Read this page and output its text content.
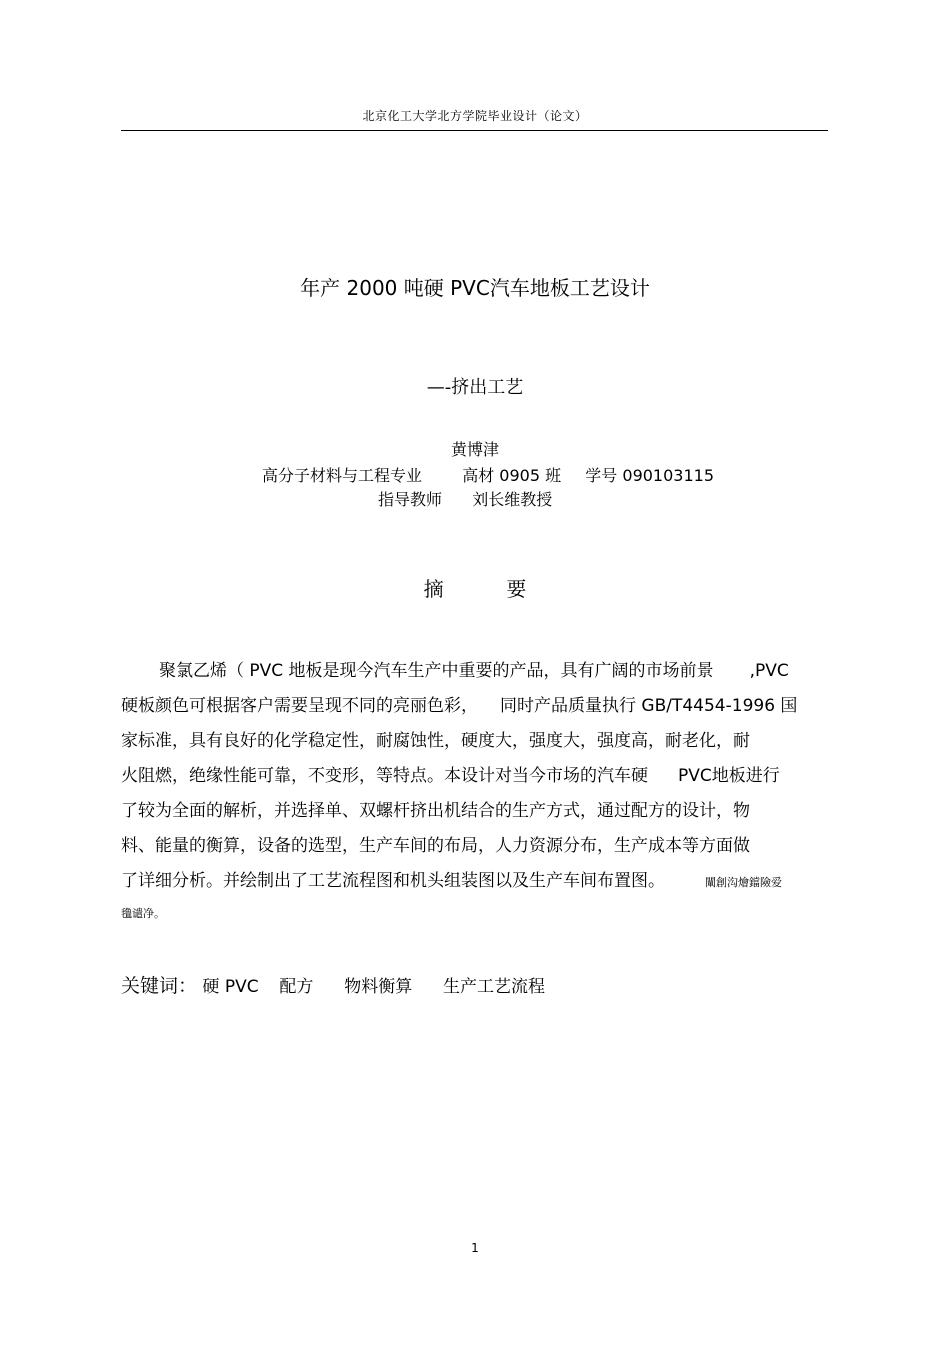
北京化工大学北方学院毕业设计（论文）
年产 2000 吨硬 PVC汽车地板工艺设计
—-挤出工艺
黄博津
高分子材料与工程专业	高材 0905 班 学号 090103115
指导教师 刘长维教授
摘	要
聚氯乙烯（ PVC 地板是现今汽车生产中重要的产品，具有广阔的市场前景 ,PVC
硬板颜色可根据客户需要呈现不同的亮丽色彩， 同时产品质量执行 GB/T4454-1996 国
家标准，具有良好的化学稳定性，耐腐蚀性，硬度大，强度大，强度高，耐老化，耐
火阻燃，绝缘性能可靠，不变形，等特点。本设计对当今市场的汽车硬 PVC地板进行
了较为全面的解析，并选择单、双螺杆挤出机结合的生产方式，通过配方的设计，物
料、能量的衡算，设备的选型，生产车间的布局，人力资源分布，生产成本等方面做
了详细分析。并绘制出了工艺流程图和机头组装图以及生产车间布置图。	闡創沟燴鐺險爱
氇谴净。
关键词： 硬 PVC 配方 物料衡算 生产工艺流程
1
